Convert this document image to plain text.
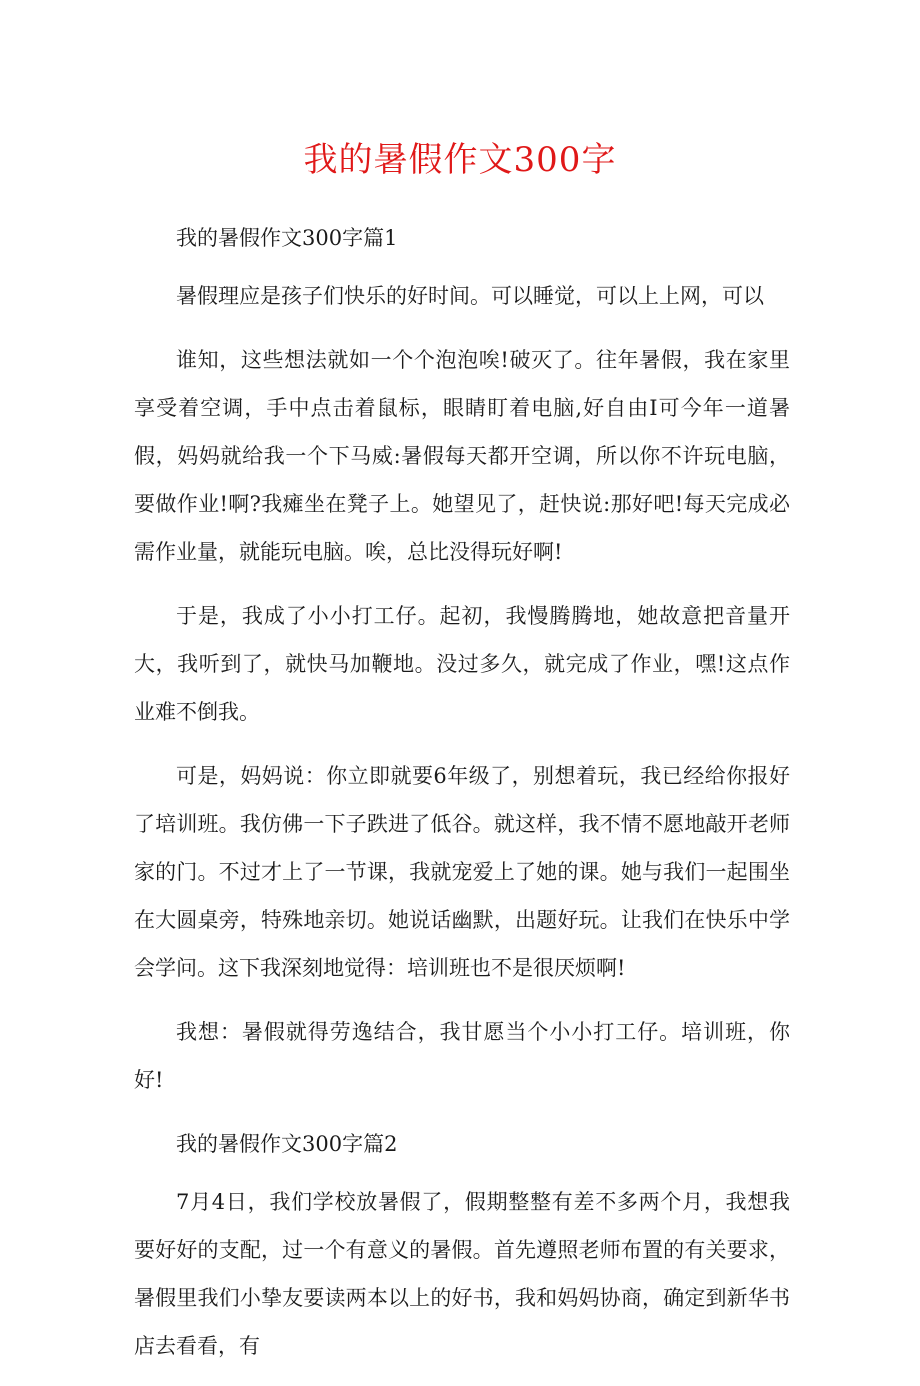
我的暑假作文300字

我的暑假作文300字篇1

暑假理应是孩子们快乐的好时间。可以睡觉，可以上上网，可以

谁知，这些想法就如一个个泡泡唉!破灭了。往年暑假，我在家里享受着空调，手中点击着鼠标，眼睛盯着电脑,好自由I可今年一道暑假，妈妈就给我一个下马威:暑假每天都开空调，所以你不许玩电脑，要做作业!啊?我瘫坐在凳子上。她望见了，赶快说:那好吧!每天完成必需作业量，就能玩电脑。唉，总比没得玩好啊!

于是，我成了小小打工仔。起初，我慢腾腾地，她故意把音量开大，我听到了，就快马加鞭地。没过多久，就完成了作业，嘿!这点作业难不倒我。

可是，妈妈说：你立即就要6年级了，别想着玩，我已经给你报好了培训班。我仿佛一下子跌进了低谷。就这样，我不情不愿地敲开老师家的门。不过才上了一节课，我就宠爱上了她的课。她与我们一起围坐在大圆桌旁，特殊地亲切。她说话幽默，出题好玩。让我们在快乐中学会学问。这下我深刻地觉得：培训班也不是很厌烦啊!

我想：暑假就得劳逸结合，我甘愿当个小小打工仔。培训班，你好!

我的暑假作文300字篇2

7月4日，我们学校放暑假了，假期整整有差不多两个月，我想我要好好的支配，过一个有意义的暑假。首先遵照老师布置的有关要求，暑假里我们小挚友要读两本以上的好书，我和妈妈协商，确定到新华书店去看看，有
